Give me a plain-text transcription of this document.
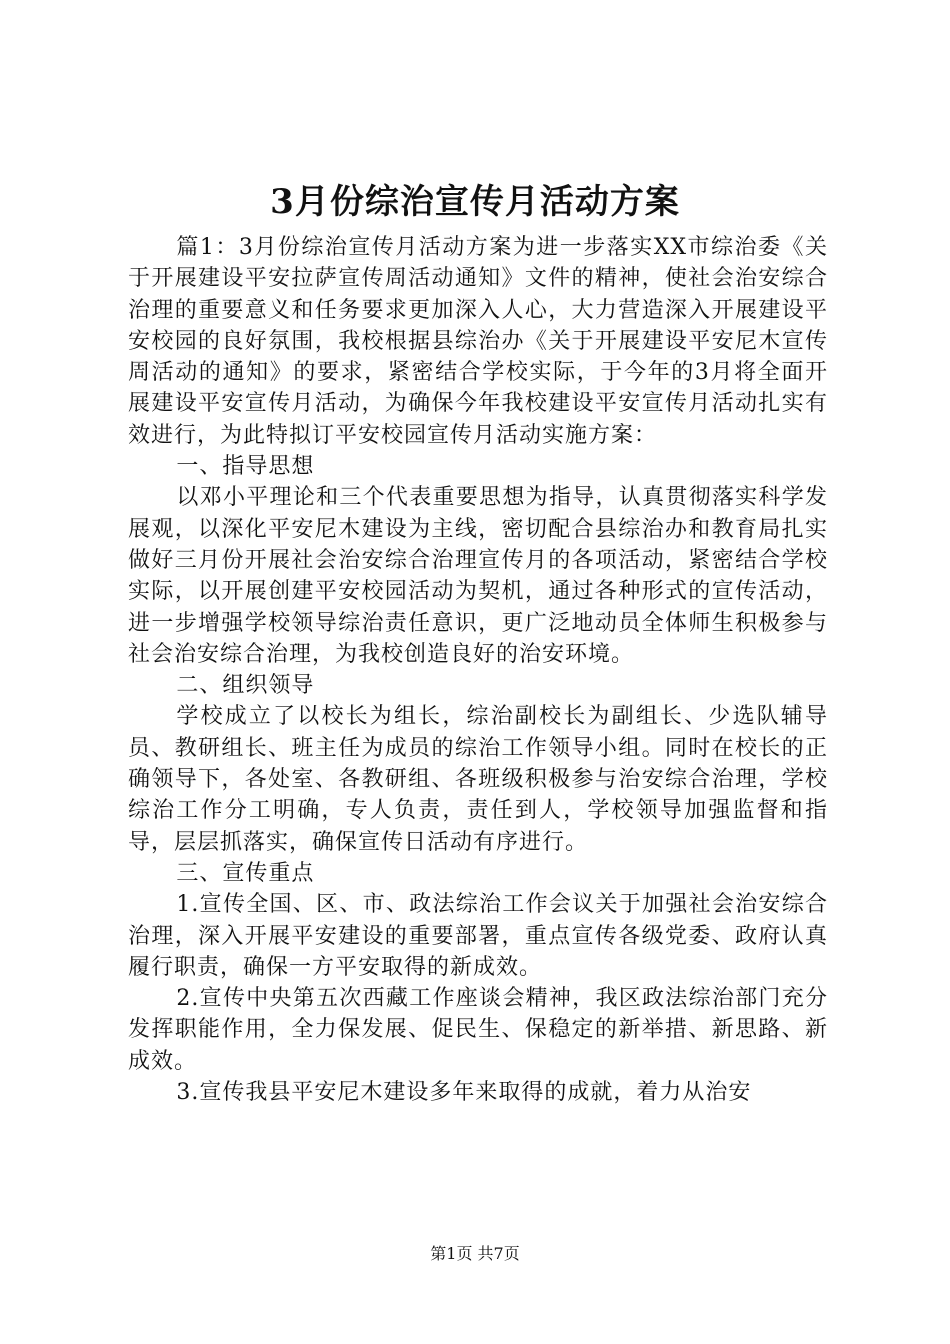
3月份综治宣传月活动方案

篇1：3月份综治宣传月活动方案为进一步落实XX市综治委《关于开展建设平安拉萨宣传周活动通知》文件的精神，使社会治安综合治理的重要意义和任务要求更加深入人心，大力营造深入开展建设平安校园的良好氛围，我校根据县综治办《关于开展建设平安尼木宣传周活动的通知》的要求，紧密结合学校实际，于今年的3月将全面开展建设平安宣传月活动，为确保今年我校建设平安宣传月活动扎实有效进行，为此特拟订平安校园宣传月活动实施方案：

一、指导思想

以邓小平理论和三个代表重要思想为指导，认真贯彻落实科学发展观，以深化平安尼木建设为主线，密切配合县综治办和教育局扎实做好三月份开展社会治安综合治理宣传月的各项活动，紧密结合学校实际，以开展创建平安校园活动为契机，通过各种形式的宣传活动，进一步增强学校领导综治责任意识，更广泛地动员全体师生积极参与社会治安综合治理，为我校创造良好的治安环境。

二、组织领导

学校成立了以校长为组长，综治副校长为副组长、少选队辅导员、教研组长、班主任为成员的综治工作领导小组。同时在校长的正确领导下，各处室、各教研组、各班级积极参与治安综合治理，学校综治工作分工明确，专人负责，责任到人，学校领导加强监督和指导，层层抓落实，确保宣传日活动有序进行。

三、宣传重点

1.宣传全国、区、市、政法综治工作会议关于加强社会治安综合治理，深入开展平安建设的重要部署，重点宣传各级党委、政府认真履行职责，确保一方平安取得的新成效。

2.宣传中央第五次西藏工作座谈会精神，我区政法综治部门充分发挥职能作用，全力保发展、促民生、保稳定的新举措、新思路、新成效。

3.宣传我县平安尼木建设多年来取得的成就，着力从治安

第1页 共7页
